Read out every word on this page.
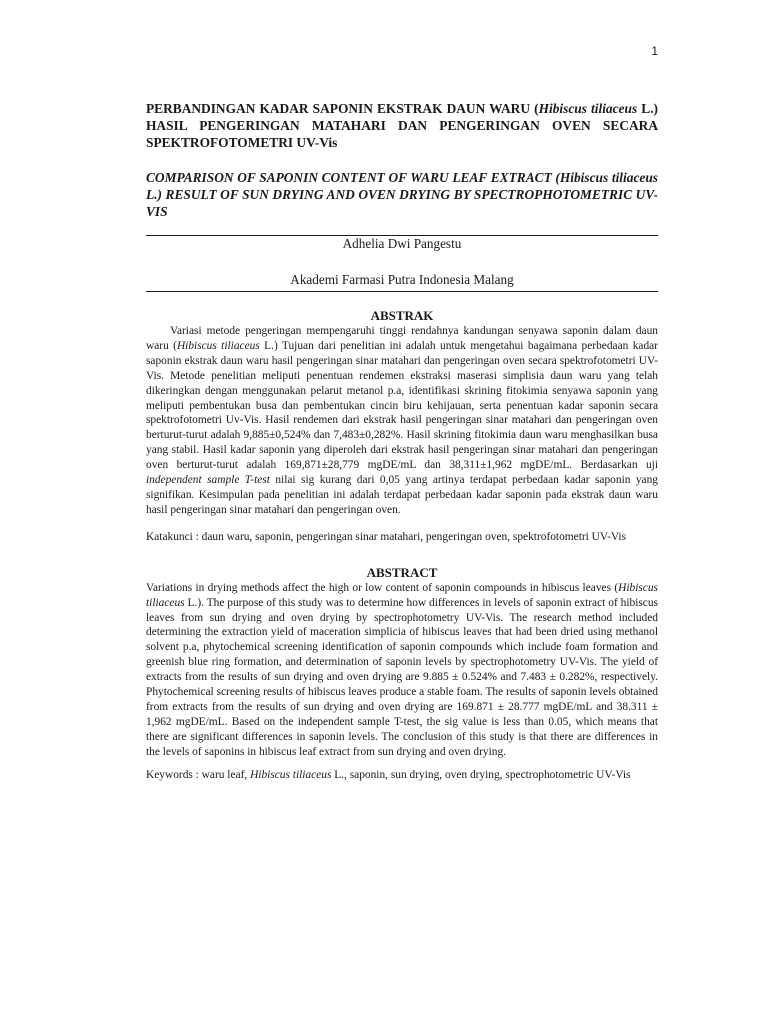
1

PERBANDINGAN KADAR SAPONIN EKSTRAK DAUN WARU (Hibiscus tiliaceus L.) HASIL PENGERINGAN MATAHARI DAN PENGERINGAN OVEN SECARA SPEKTROFOTOMETRI UV-Vis

COMPARISON OF SAPONIN CONTENT OF WARU LEAF EXTRACT (Hibiscus tiliaceus L.) RESULT OF SUN DRYING AND OVEN DRYING BY SPECTROPHOTOMETRIC UV-VIS

Adhelia Dwi Pangestu
Akademi Farmasi Putra Indonesia Malang
ABSTRAK

Variasi metode pengeringan mempengaruhi tinggi rendahnya kandungan senyawa saponin dalam daun waru (Hibiscus tiliaceus L.) Tujuan dari penelitian ini adalah untuk mengetahui bagaimana perbedaan kadar saponin ekstrak daun waru hasil pengeringan sinar matahari dan pengeringan oven secara spektrofotometri UV-Vis. Metode penelitian meliputi penentuan rendemen ekstraksi maserasi simplisia daun waru yang telah dikeringkan dengan menggunakan pelarut metanol p.a, identifikasi skrining fitokimia senyawa saponin yang meliputi pembentukan busa dan pembentukan cincin biru kehijauan, serta penentuan kadar saponin secara spektrofotometri Uv-Vis. Hasil rendemen dari ekstrak hasil pengeringan sinar matahari dan pengeringan oven berturut-turut adalah 9,885±0,524% dan 7,483±0,282%. Hasil skrining fitokimia daun waru menghasilkan busa yang stabil. Hasil kadar saponin yang diperoleh dari ekstrak hasil pengeringan sinar matahari dan pengeringan oven berturut-turut adalah 169,871±28,779 mgDE/mL dan 38,311±1,962 mgDE/mL. Berdasarkan uji independent sample T-test nilai sig kurang dari 0,05 yang artinya terdapat perbedaan kadar saponin yang signifikan. Kesimpulan pada penelitian ini adalah terdapat perbedaan kadar saponin pada ekstrak daun waru hasil pengeringan sinar matahari dan pengeringan oven.

Katakunci : daun waru, saponin, pengeringan sinar matahari, pengeringan oven, spektrofotometri UV-Vis

ABSTRACT

Variations in drying methods affect the high or low content of saponin compounds in hibiscus leaves (Hibiscus tiliaceus L.). The purpose of this study was to determine how differences in levels of saponin extract of hibiscus leaves from sun drying and oven drying by spectrophotometry UV-Vis. The research method included determining the extraction yield of maceration simplicia of hibiscus leaves that had been dried using methanol solvent p.a, phytochemical screening identification of saponin compounds which include foam formation and greenish blue ring formation, and determination of saponin levels by spectrophotometry UV-Vis. The yield of extracts from the results of sun drying and oven drying are 9.885 ± 0.524% and 7.483 ± 0.282%, respectively. Phytochemical screening results of hibiscus leaves produce a stable foam. The results of saponin levels obtained from extracts from the results of sun drying and oven drying are 169.871 ± 28.777 mgDE/mL and 38.311 ± 1,962 mgDE/mL. Based on the independent sample T-test, the sig value is less than 0.05, which means that there are significant differences in saponin levels. The conclusion of this study is that there are differences in the levels of saponins in hibiscus leaf extract from sun drying and oven drying.

Keywords : waru leaf, Hibiscus tiliaceus L., saponin, sun drying, oven drying, spectrophotometric UV-Vis
